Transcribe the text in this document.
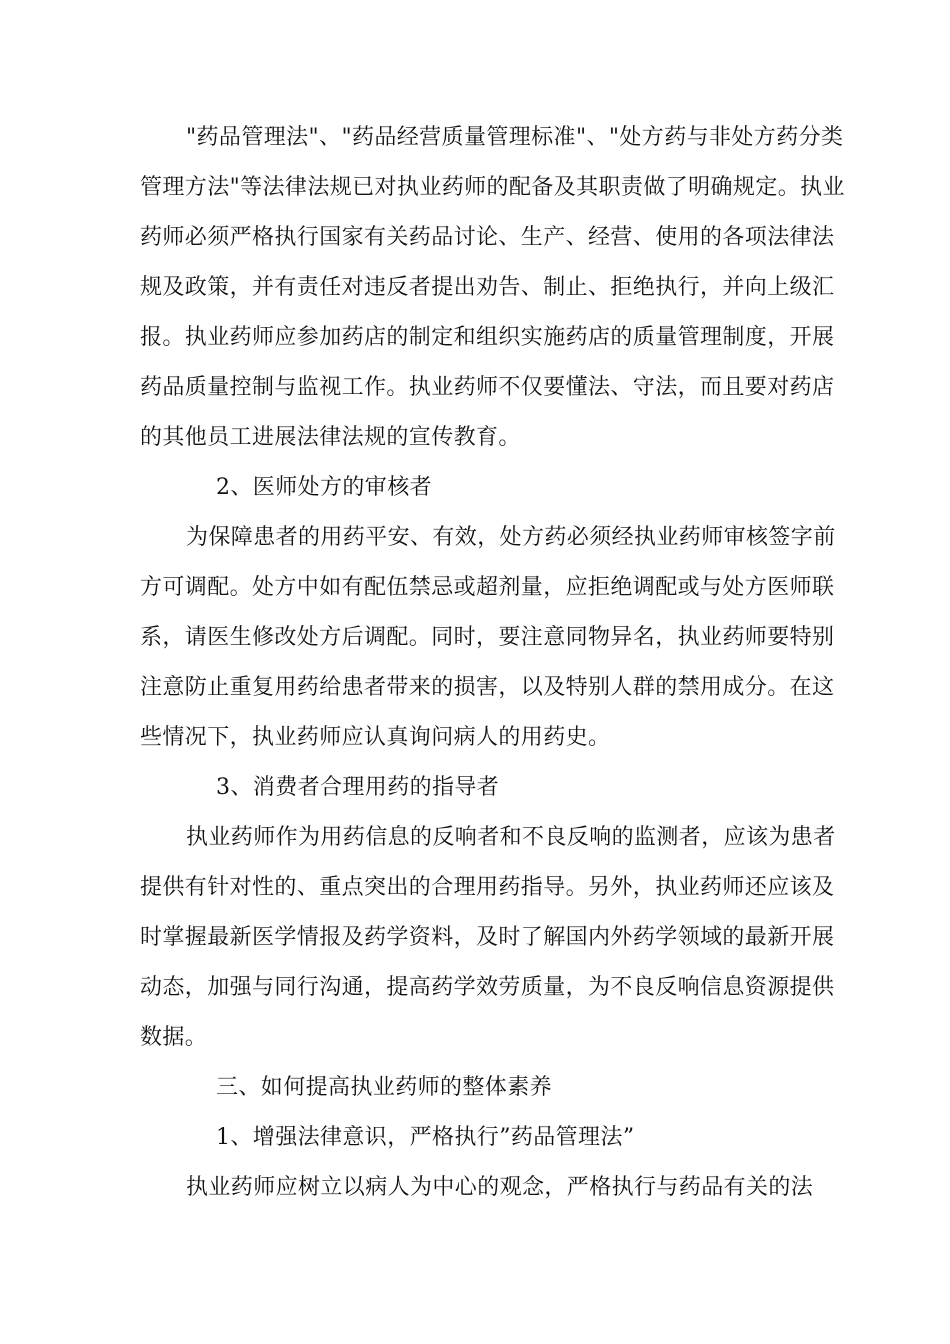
"药品管理法"、"药品经营质量管理标准"、"处方药与非处方药分类
管理方法"等法律法规已对执业药师的配备及其职责做了明确规定。执业
药师必须严格执行国家有关药品讨论、生产、经营、使用的各项法律法
规及政策，并有责任对违反者提出劝告、制止、拒绝执行，并向上级汇
报。执业药师应参加药店的制定和组织实施药店的质量管理制度，开展
药品质量控制与监视工作。执业药师不仅要懂法、守法，而且要对药店
的其他员工进展法律法规的宣传教育。
2、医师处方的审核者
为保障患者的用药平安、有效，处方药必须经执业药师审核签字前
方可调配。处方中如有配伍禁忌或超剂量，应拒绝调配或与处方医师联
系，请医生修改处方后调配。同时，要注意同物异名，执业药师要特别
注意防止重复用药给患者带来的损害，以及特别人群的禁用成分。在这
些情况下，执业药师应认真询问病人的用药史。
3、消费者合理用药的指导者
执业药师作为用药信息的反响者和不良反响的监测者，应该为患者
提供有针对性的、重点突出的合理用药指导。另外，执业药师还应该及
时掌握最新医学情报及药学资料，及时了解国内外药学领域的最新开展
动态，加强与同行沟通，提高药学效劳质量，为不良反响信息资源提供
数据。
三、如何提高执业药师的整体素养
1、增强法律意识，严格执行”药品管理法”
执业药师应树立以病人为中心的观念，严格执行与药品有关的法
